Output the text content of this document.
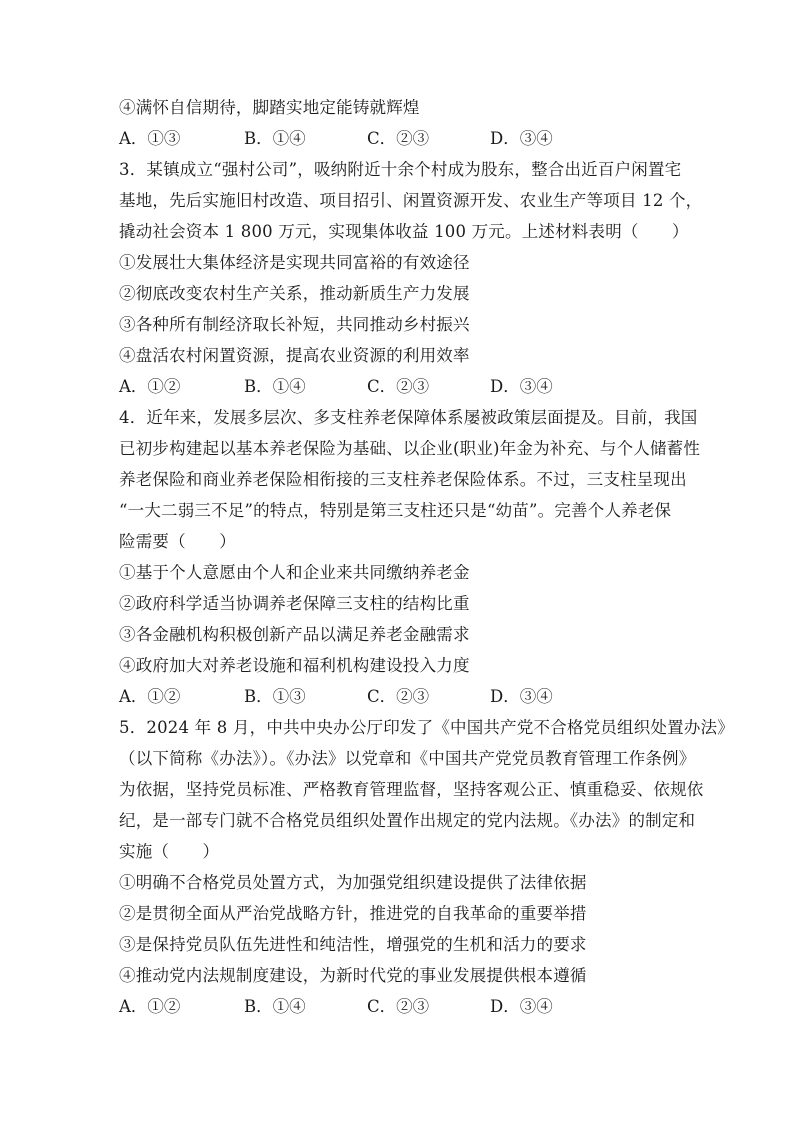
④满怀自信期待，脚踏实地定能铸就辉煌
A．①③	B．①④	C．②③	D．③④
3．某镇成立“强村公司”，吸纳附近十余个村成为股东，整合出近百户闲置宅
基地，先后实施旧村改造、项目招引、闲置资源开发、农业生产等项目 12 个，
撬动社会资本 1 800 万元，实现集体收益 100 万元。上述材料表明（　　）
①发展壮大集体经济是实现共同富裕的有效途径
②彻底改变农村生产关系，推动新质生产力发展
③各种所有制经济取长补短，共同推动乡村振兴
④盘活农村闲置资源，提高农业资源的利用效率
A．①②	B．①④	C．②③	D．③④
4．近年来，发展多层次、多支柱养老保障体系屡被政策层面提及。目前，我国
已初步构建起以基本养老保险为基础、以企业(职业)年金为补充、与个人储蓄性
养老保险和商业养老保险相衔接的三支柱养老保险体系。不过，三支柱呈现出
“一大二弱三不足”的特点，特别是第三支柱还只是“幼苗”。完善个人养老保
险需要（　　）
①基于个人意愿由个人和企业来共同缴纳养老金
②政府科学适当协调养老保障三支柱的结构比重
③各金融机构积极创新产品以满足养老金融需求
④政府加大对养老设施和福利机构建设投入力度
A．①②	B．①③	C．②③	D．③④
5．2024 年 8 月，中共中央办公厅印发了《中国共产党不合格党员组织处置办法》
（以下简称《办法》）。《办法》以党章和《中国共产党党员教育管理工作条例》
为依据，坚持党员标准、严格教育管理监督，坚持客观公正、慎重稳妥、依规依
纪，是一部专门就不合格党员组织处置作出规定的党内法规。《办法》的制定和
实施（　　）
①明确不合格党员处置方式，为加强党组织建设提供了法律依据
②是贯彻全面从严治党战略方针，推进党的自我革命的重要举措
③是保持党员队伍先进性和纯洁性，增强党的生机和活力的要求
④推动党内法规制度建设，为新时代党的事业发展提供根本遵循
A．①②	B．①④	C．②③	D．③④
